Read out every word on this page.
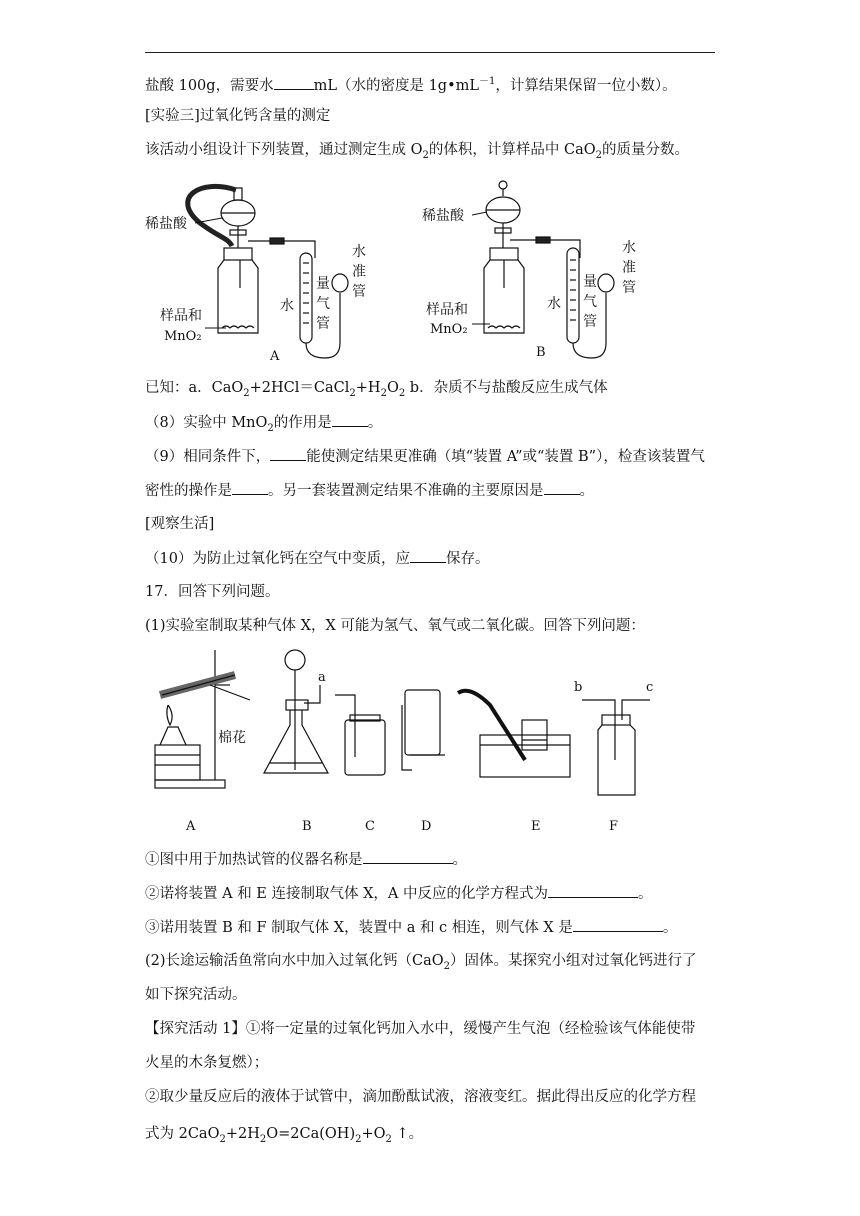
盐酸 100g，需要水	mL（水的密度是 $1g•mL^{-1}$，计算结果保留一位小数）。
[实验三]过氧化钙含量的测定
该活动小组设计下列装置，通过测定生成 $O_2$的体积，计算样品中 CaO$_2$的质量分数。
稀盐酸
样品和
MnO₂
水
量
气
管
水
准
管
A
稀盐酸
样品和
MnO₂
水
量
气
管
水
准
管
B
已知：a．$CaO_2+2HCl=CaCl_2+H_2O_2$ b．杂质不与盐酸反应生成气体
（8）实验中 MnO$_2$的作用是 。
（9）相同条件下， 能使测定结果更准确（填“装置 A”或“装置 B”），检查该装置气
密性的操作是 。另一套装置测定结果不准确的主要原因是 。
[观察生活]
（10）为防止过氧化钙在空气中变质，应 保存。
17．回答下列问题。
(1)实验室制取某种气体 X，X 可能为氢气、氧气或二氧化碳。回答下列问题：
棉花
a
b	c
A	B	C	D	E	F
①图中用于加热试管的仪器名称是	。
②诺将装置 A 和 E 连接制取气体 X，A 中反应的化学方程式为	。
③诺用装置 B 和 F 制取气体 X，装置中 a 和 c 相连，则气体 X 是	。
(2)长途运输活鱼常向水中加入过氧化钙（CaO$_2$）固体。某探究小组对过氧化钙进行了
如下探究活动。
【探究活动 1】①将一定量的过氧化钙加入水中，缓慢产生气泡（经检验该气体能使带
火星的木条复燃）；
②取少量反应后的液体于试管中，滴加酚酞试液，溶液变红。据此得出反应的化学方程
式为 $2CaO_2+2H_2O=2Ca(OH)_2+O_2$ ↑。
